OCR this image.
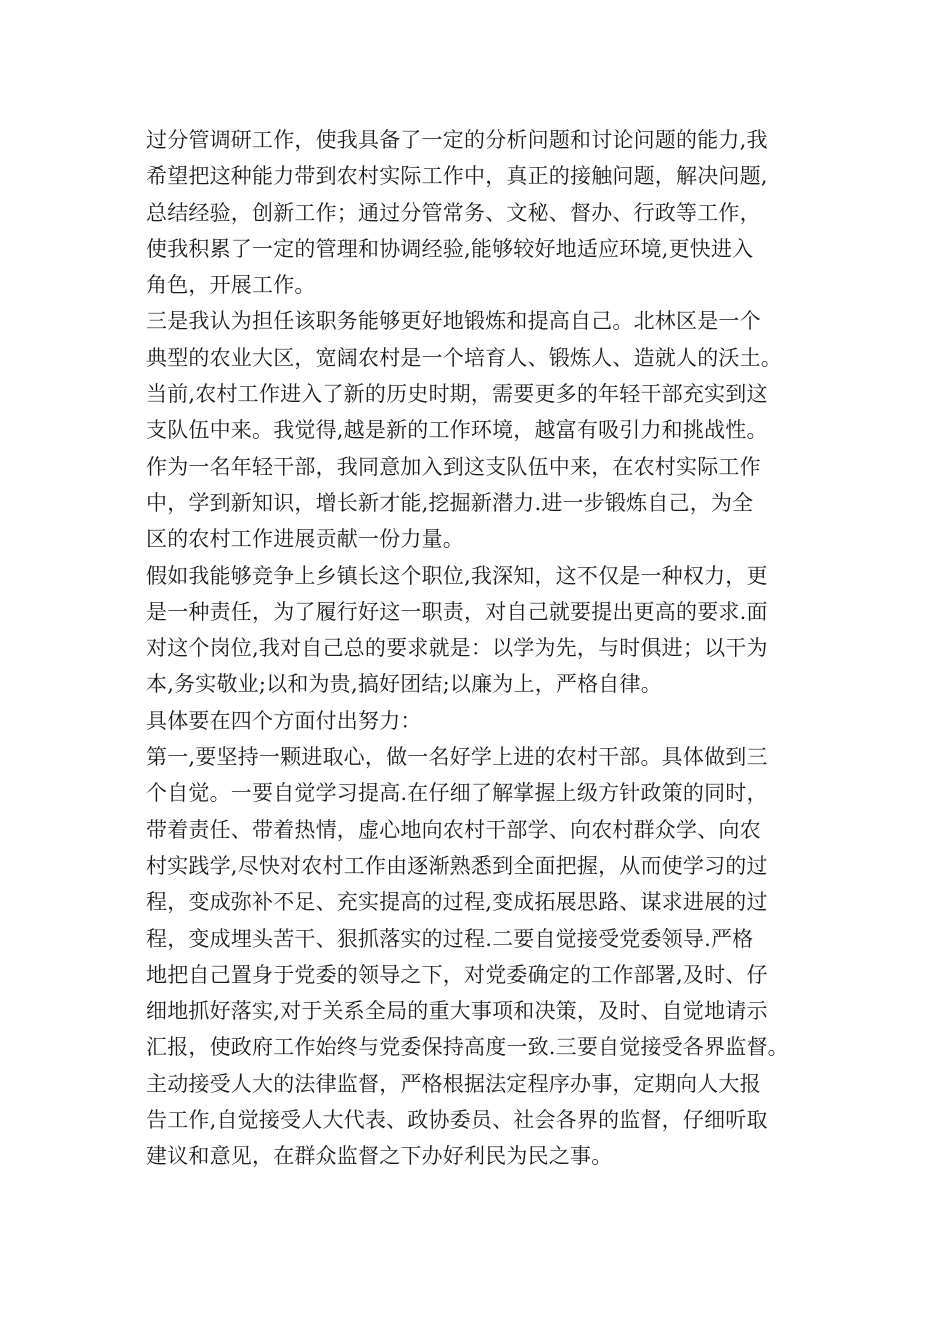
过分管调研工作，使我具备了一定的分析问题和讨论问题的能力,我
希望把这种能力带到农村实际工作中，真正的接触问题，解决问题,
总结经验，创新工作；通过分管常务、文秘、督办、行政等工作，
使我积累了一定的管理和协调经验,能够较好地适应环境,更快进入
角色，开展工作。
三是我认为担任该职务能够更好地锻炼和提高自己。北林区是一个
典型的农业大区，宽阔农村是一个培育人、锻炼人、造就人的沃土。
当前,农村工作进入了新的历史时期，需要更多的年轻干部充实到这
支队伍中来。我觉得,越是新的工作环境，越富有吸引力和挑战性。
作为一名年轻干部，我同意加入到这支队伍中来，在农村实际工作
中，学到新知识，增长新才能,挖掘新潜力.进一步锻炼自己，为全
区的农村工作进展贡献一份力量。
假如我能够竞争上乡镇长这个职位,我深知，这不仅是一种权力，更
是一种责任，为了履行好这一职责，对自己就要提出更高的要求.面
对这个岗位,我对自己总的要求就是：以学为先，与时俱进；以干为
本,务实敬业;以和为贵,搞好团结;以廉为上，严格自律。
具体要在四个方面付出努力：
第一,要坚持一颗进取心，做一名好学上进的农村干部。具体做到三
个自觉。一要自觉学习提高.在仔细了解掌握上级方针政策的同时，
带着责任、带着热情，虚心地向农村干部学、向农村群众学、向农
村实践学,尽快对农村工作由逐渐熟悉到全面把握，从而使学习的过
程，变成弥补不足、充实提高的过程,变成拓展思路、谋求进展的过
程，变成埋头苦干、狠抓落实的过程.二要自觉接受党委领导.严格
地把自己置身于党委的领导之下，对党委确定的工作部署,及时、仔
细地抓好落实,对于关系全局的重大事项和决策，及时、自觉地请示
汇报，使政府工作始终与党委保持高度一致.三要自觉接受各界监督。
主动接受人大的法律监督，严格根据法定程序办事，定期向人大报
告工作,自觉接受人大代表、政协委员、社会各界的监督，仔细听取
建议和意见，在群众监督之下办好利民为民之事。
